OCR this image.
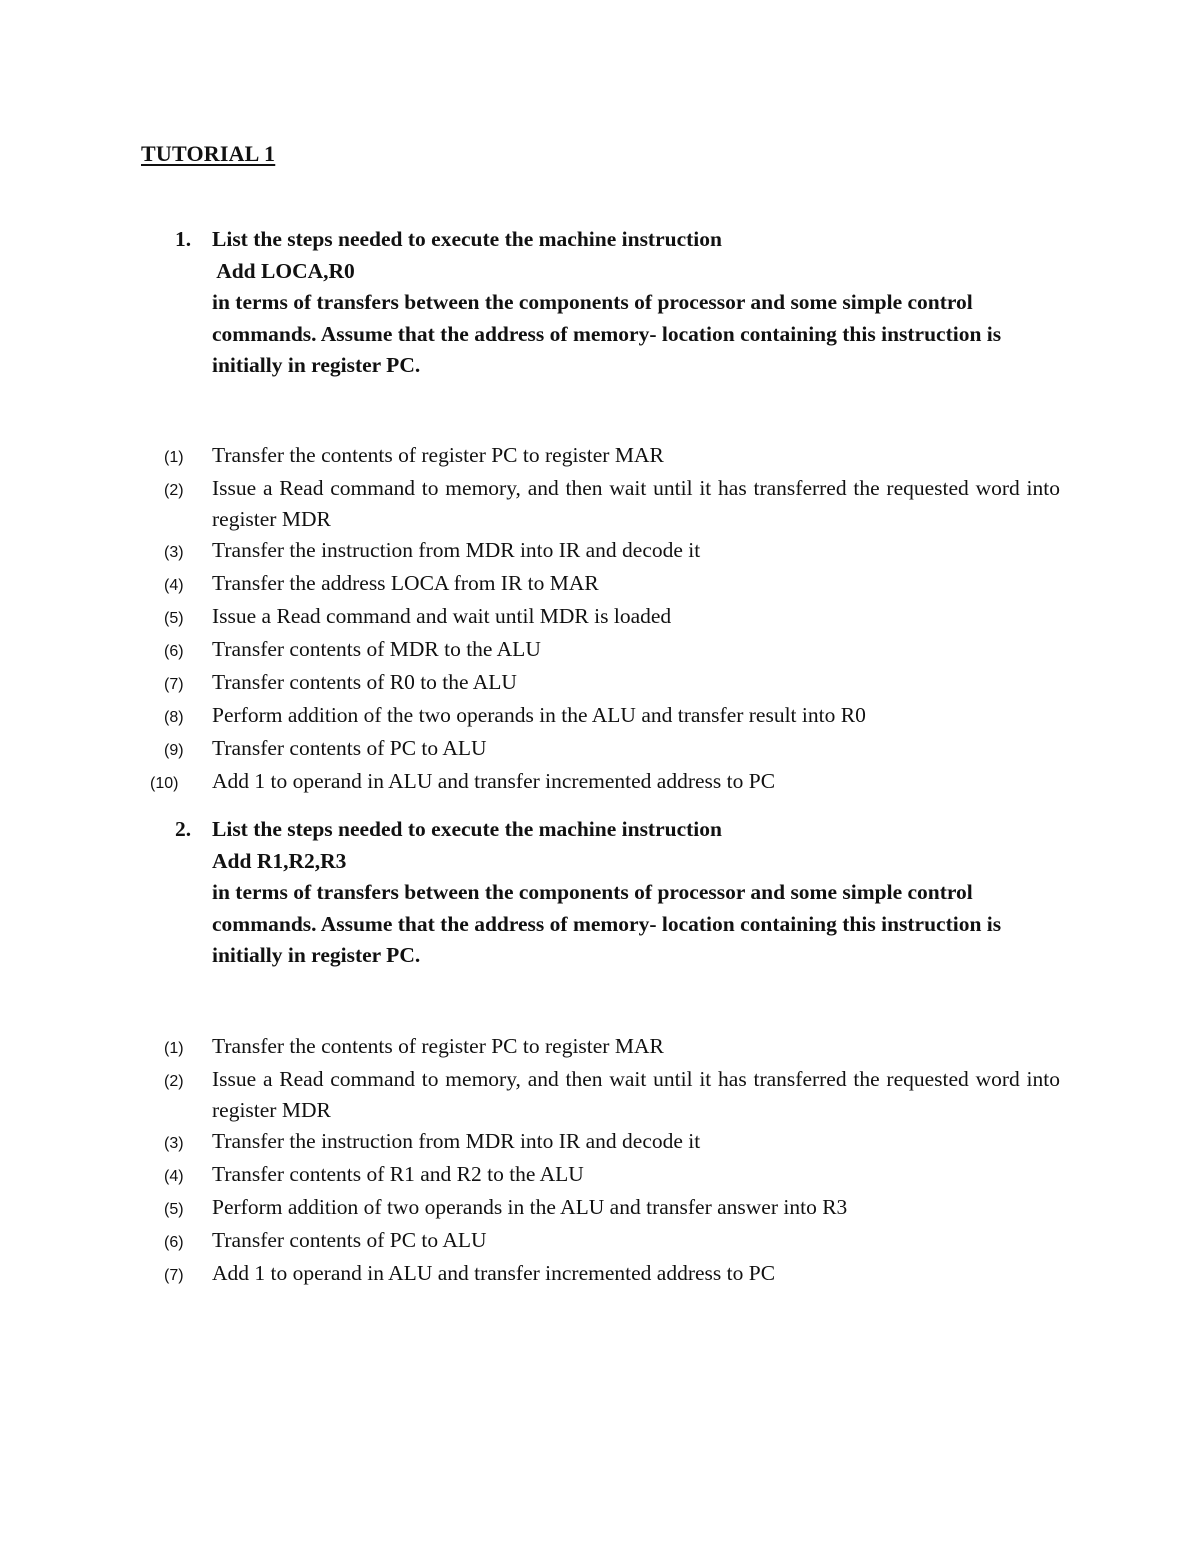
TUTORIAL 1
1. List the steps needed to execute the machine instruction
Add LOCA,R0
in terms of transfers between the components of processor and some simple control commands. Assume that the address of memory- location containing this instruction is initially in register PC.
(1)	Transfer the contents of register PC to register MAR
(2)	Issue a Read command to memory, and then wait until it has transferred the requested word into register MDR
(3)	Transfer the instruction from MDR into IR and decode it
(4)	Transfer the address LOCA from IR to MAR
(5)	Issue a Read command and wait until MDR is loaded
(6)	Transfer contents of MDR to the ALU
(7)	Transfer contents of R0 to the ALU
(8)	Perform addition of the two operands in the ALU and transfer result into R0
(9)	Transfer contents of PC to ALU
(10)	Add 1 to operand in ALU and transfer incremented address to PC
2. List the steps needed to execute the machine instruction
Add R1,R2,R3
in terms of transfers between the components of processor and some simple control commands. Assume that the address of memory- location containing this instruction is initially in register PC.
(1)	Transfer the contents of register PC to register MAR
(2)	Issue a Read command to memory, and then wait until it has transferred the requested word into register MDR
(3)	Transfer the instruction from MDR into IR and decode it
(4)	Transfer contents of R1 and R2 to the ALU
(5)	Perform addition of two operands in the ALU and transfer answer into R3
(6)	Transfer contents of PC to ALU
(7)	Add 1 to operand in ALU and transfer incremented address to PC
